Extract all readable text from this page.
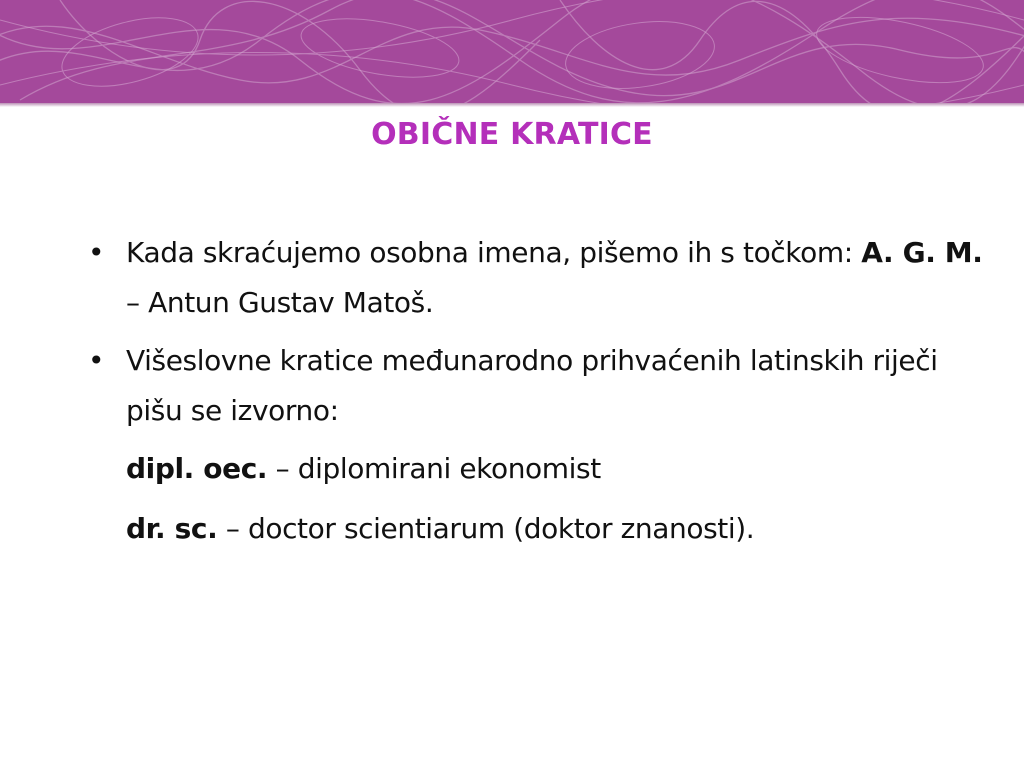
OBIČNE KRATICE
• Kada skraćujemo osobna imena, pišemo ih s točkom: A. G. M. – Antun Gustav Matoš.
• Višeslovne kratice međunarodno prihvaćenih latinskih riječi pišu se izvorno:
dipl. oec. – diplomirani ekonomist
dr. sc. – doctor scientiarum (doktor znanosti).
